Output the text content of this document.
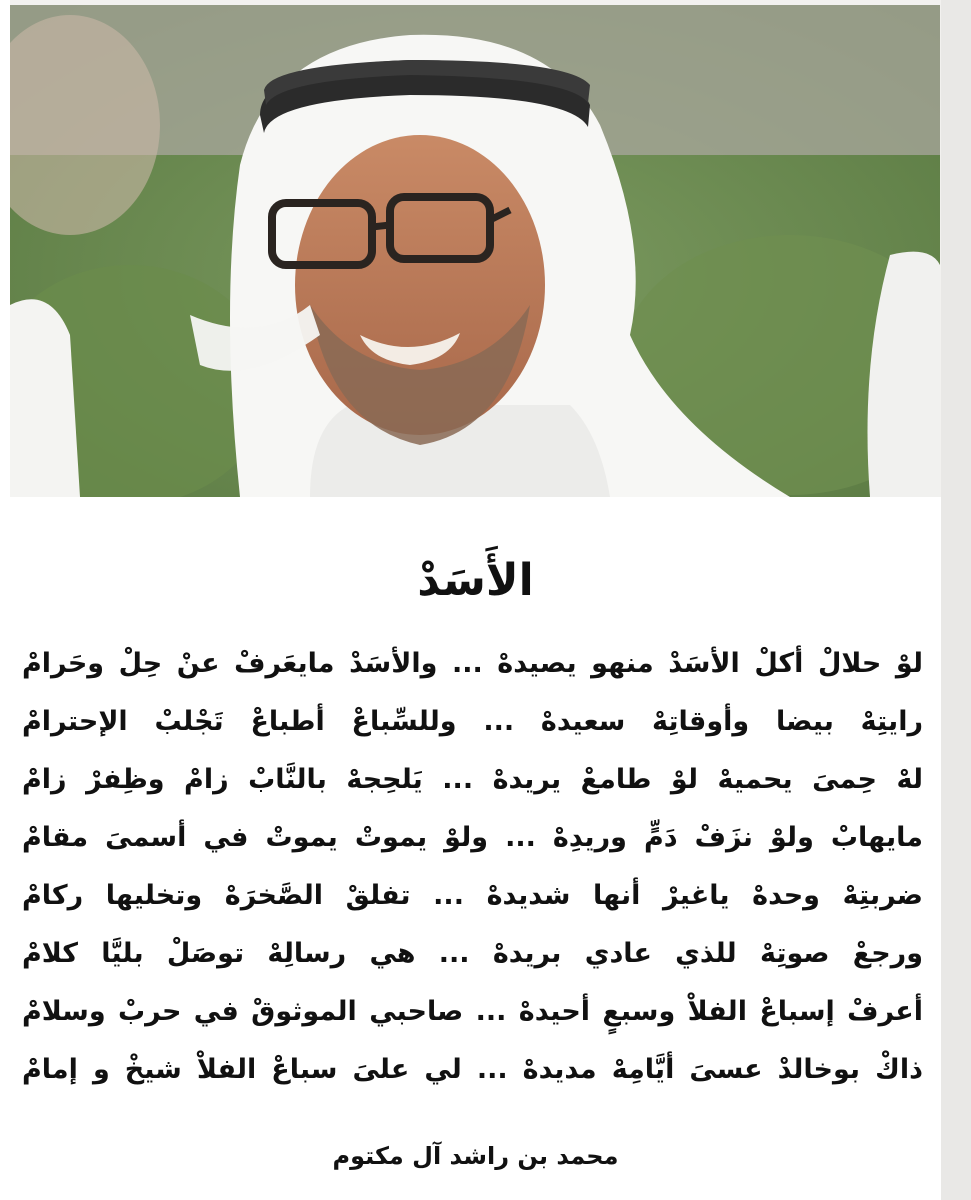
الأَسَدْ
لوْ حلالْ أكلْ الأسَدْ منهو يصيدهْ ... والأسَدْ مايعَرفْ عنْ حِلْ وحَرامْ
رايتِهْ بيضا وأوقاتِهْ سعيدهْ ... وللسِّباعْ أطباعْ تَجْلبْ الإحترامْ
لهْ حِمىَ يحميهْ لوْ طامعْ يريدهْ ... يَلحِجهْ بالنَّابْ زامْ وظِفرْ زامْ
مايهابْ ولوْ نزَفْ دَمٍّ وريدِهْ ... ولوْ يموتْ يموتْ في أسمىَ مقامْ
ضربتِهْ وحدهْ ياغيرْ أنها شديدهْ ... تفلقْ الصَّخرَهْ وتخليها ركامْ
ورجعْ صوتِهْ للذي عادي بريدهْ ... هي رسالِهْ توصَلْ بليَّا كلامْ
أعرفْ إسباعْ الفلاْ وسبعٍ أحيدهْ ... صاحبي الموثوقْ في حربْ وسلامْ
ذاكْ بوخالدْ عسىَ أيَّامِهْ مديدهْ ... لي علىَ سباعْ الفلاْ شيخْ و إمامْ
محمد بن راشد آل مكتوم
